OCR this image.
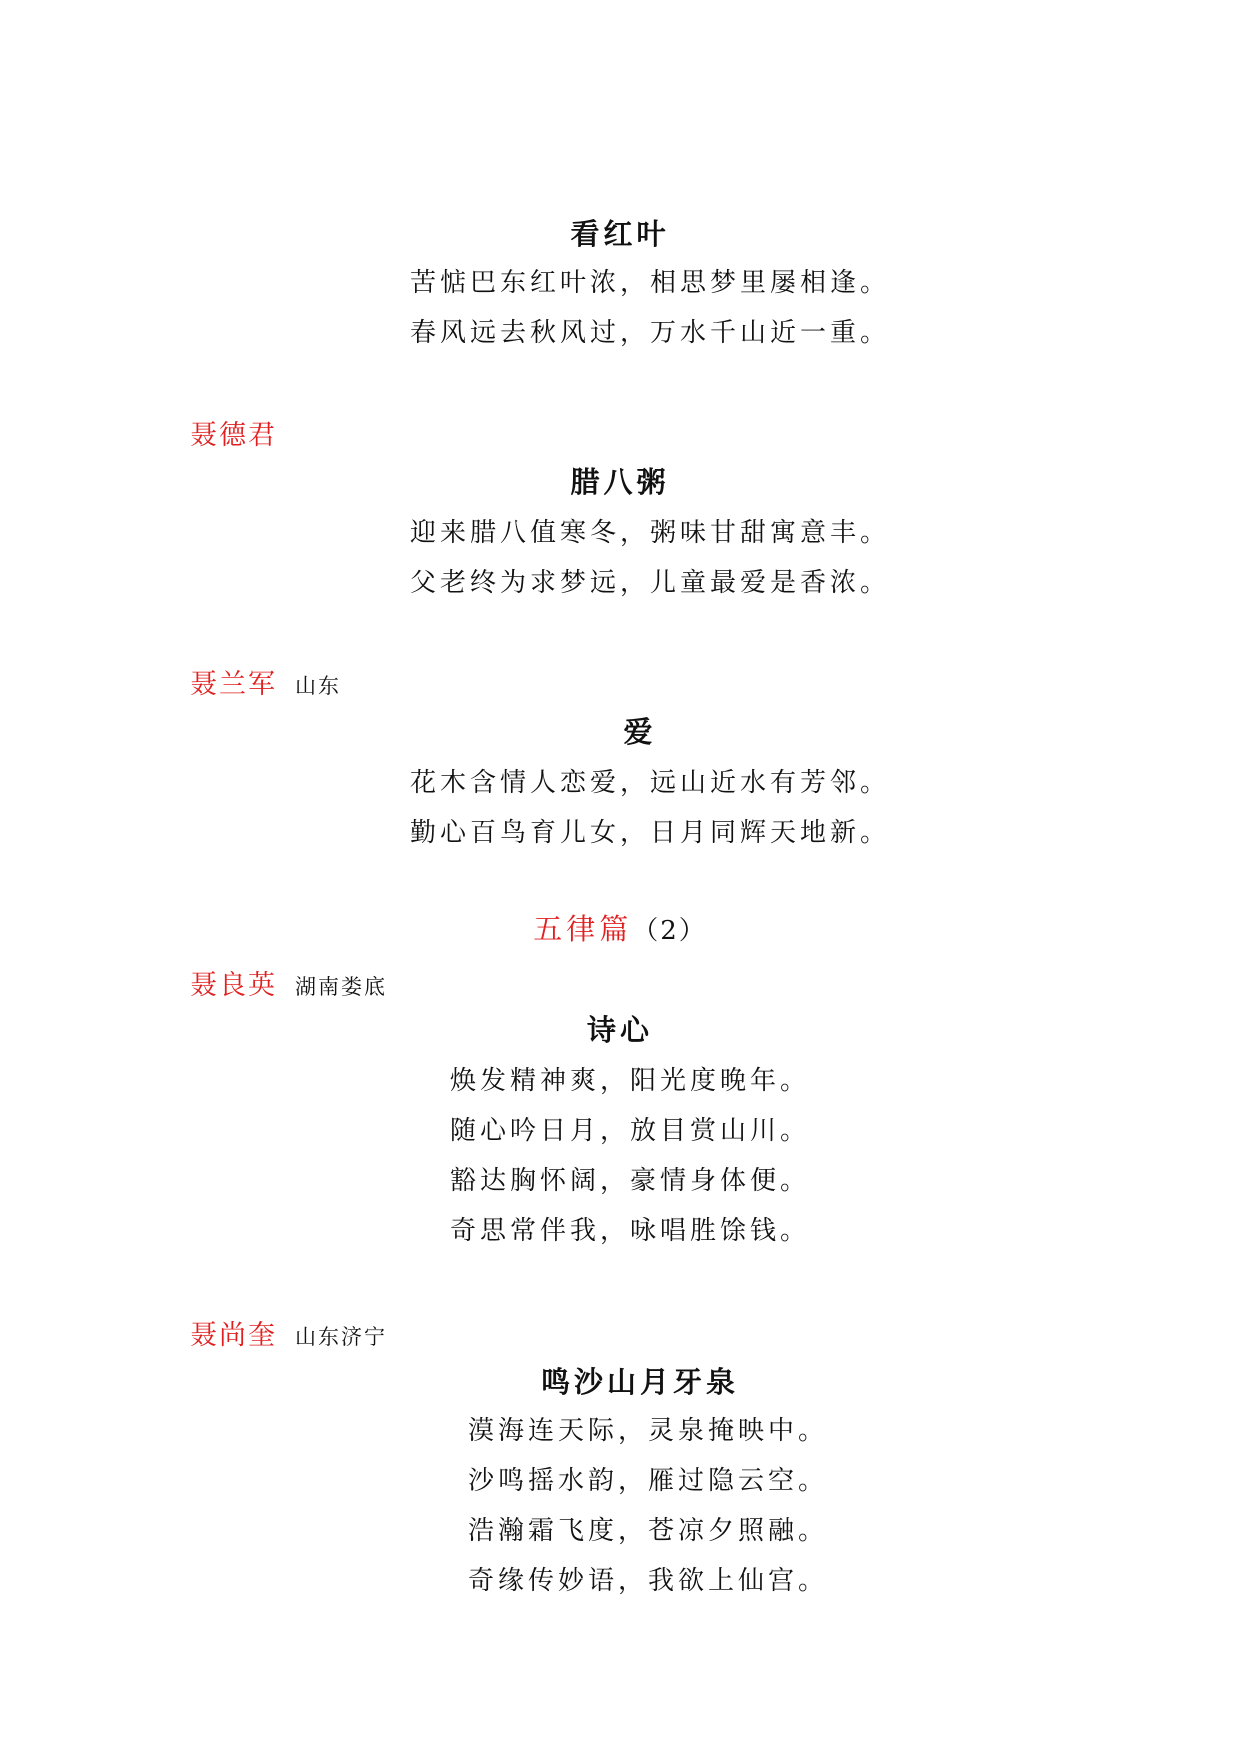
看红叶
苦惦巴东红叶浓，相思梦里屡相逢。
春风远去秋风过，万水千山近一重。
聂德君
腊八粥
迎来腊八值寒冬，粥味甘甜寓意丰。
父老终为求梦远，儿童最爱是香浓。
聂兰军 山东
爱
花木含情人恋爱，远山近水有芳邻。
勤心百鸟育儿女，日月同辉天地新。
五律篇（2）
聂良英 湖南娄底
诗心
焕发精神爽，阳光度晚年。
随心吟日月，放目赏山川。
豁达胸怀阔，豪情身体便。
奇思常伴我，咏唱胜馀钱。
聂尚奎 山东济宁
鸣沙山月牙泉
漠海连天际，灵泉掩映中。
沙鸣摇水韵，雁过隐云空。
浩瀚霜飞度，苍凉夕照融。
奇缘传妙语，我欲上仙宫。
